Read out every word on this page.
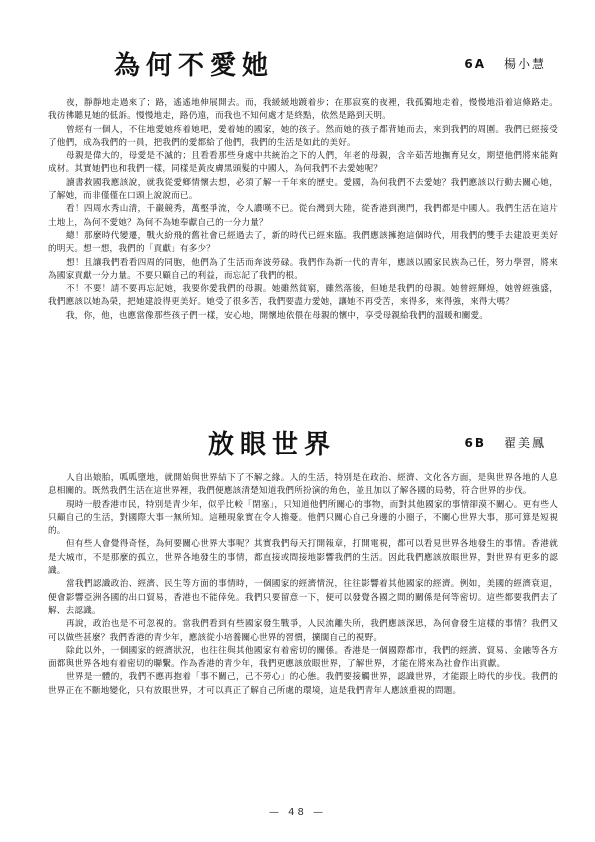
為何不愛她	6A 楊小慧

夜，靜靜地走過來了；路，遙遙地伸展開去。而，我緩緩地踱着步；在那寂寞的夜裡，我孤獨地走着，慢慢地沿着這條路走。我彷彿聽見她的低訴。慢慢地走，路仍遠，而我也不知何處才是終點，依然是路到天明。

曾經有一個人，不住地愛她疼着她吧，愛着她的國家，她的孩子。然而她的孩子都背她而去，來到我們的周圍。我們已經接受了他們，成為我們的一員，把我們的愛都給了他們，我們的生活是如此的美好。

母親是偉大的，母愛是不滅的；且看看那些身處中共統治之下的人們，年老的母親，含辛茹苦地撫育兒女，期望他們將來能夠成材。其實她們也和我們一樣，同樣是黃皮膚黑頭髮的中國人，為何我們不去愛她呢？

讀書救國我應該說，就我從愛鄉情懷去想，必須了解一千年來的歷史。愛國，為何我們不去愛她？我們應該以行動去關心她，了解她，而非僅僅在口頭上說說而已。

看！四周水秀山清，千巖競秀，萬壑爭流，令人讚嘆不已。從台灣到大陸，從香港到澳門，我們都是中國人。我們生活在這片土地上，為何不愛她？為何不為她奉獻自己的一分力量？

總！那麼時代變遷，戰火紛飛的舊社會已經過去了，新的時代已經來臨。我們應該擁抱這個時代，用我們的雙手去建設更美好的明天。想一想，我們的「貢獻」有多少？

想！且讓我們看看四周的同胞，他們為了生活而奔波勞碌。我們作為新一代的青年，應該以國家民族為己任，努力學習，將來為國家貢獻一分力量。不要只顧自己的利益，而忘記了我們的根。

不！不要！請不要再忘記她，我要你愛我們的母親。她雖然貧窮，雖然落後，但她是我們的母親。她曾經輝煌，她曾經強盛，我們應該以她為榮，把她建設得更美好。她受了很多苦，我們要盡力愛她，讓她不再受苦，來得多，來得強，來得大嗎？

我，你，他，也應當像那些孩子們一樣，安心地，開懷地依偎在母親的懷中，享受母親給我們的溫暖和關愛。

放眼世界	6B 翟美鳳

人自出娘胎，呱呱墮地，就開始與世界結下了不解之緣。人的生活，特別是在政治、經濟、文化各方面，是與世界各地的人息息相關的。既然我們生活在這世界裡，我們便應該清楚知道我們所扮演的角色，並且加以了解各國的局勢，符合世界的步伐。

現時一般香港市民，特別是青少年，似乎比較「閉塞」，只知道他們所關心的事物，而對其他國家的事情卻漠不關心。更有些人只顧自己的生活，對國際大事一無所知。這種現象實在令人擔憂。他們只關心自己身邊的小圈子，不關心世界大事，那可算是短視的。

但有些人會覺得奇怪，為何要關心世界大事呢？其實我們每天打開報章，打開電視，都可以看見世界各地發生的事情。香港就是大城市，不是那麼的孤立，世界各地發生的事情，都直接或間接地影響我們的生活。因此我們應該放眼世界，對世界有更多的認識。

當我們認識政治、經濟、民生等方面的事情時，一個國家的經濟情況，往往影響着其他國家的經濟。例如，美國的經濟衰退，便會影響亞洲各國的出口貿易，香港也不能倖免。我們只要留意一下，便可以發覺各國之間的關係是何等密切。這些都要我們去了解、去認識。

再說，政治也是不可忽視的。當我們看到有些國家發生戰爭，人民流離失所，我們應該深思，為何會發生這樣的事情？我們又可以做些甚麼？我們香港的青少年，應該從小培養關心世界的習慣，擴闊自己的視野。

除此以外，一個國家的經濟狀況，也往往與其他國家有着密切的關係。香港是一個國際都市，我們的經濟、貿易、金融等各方面都與世界各地有着密切的聯繫。作為香港的青少年，我們更應該放眼世界，了解世界，才能在將來為社會作出貢獻。

世界是一體的，我們不應再抱着「事不關己，己不勞心」的心態。我們要接觸世界，認識世界，才能跟上時代的步伐。我們的世界正在不斷地變化，只有放眼世界，才可以真正了解自己所處的環境，這是我們青年人應該重視的問題。

— 48 —
